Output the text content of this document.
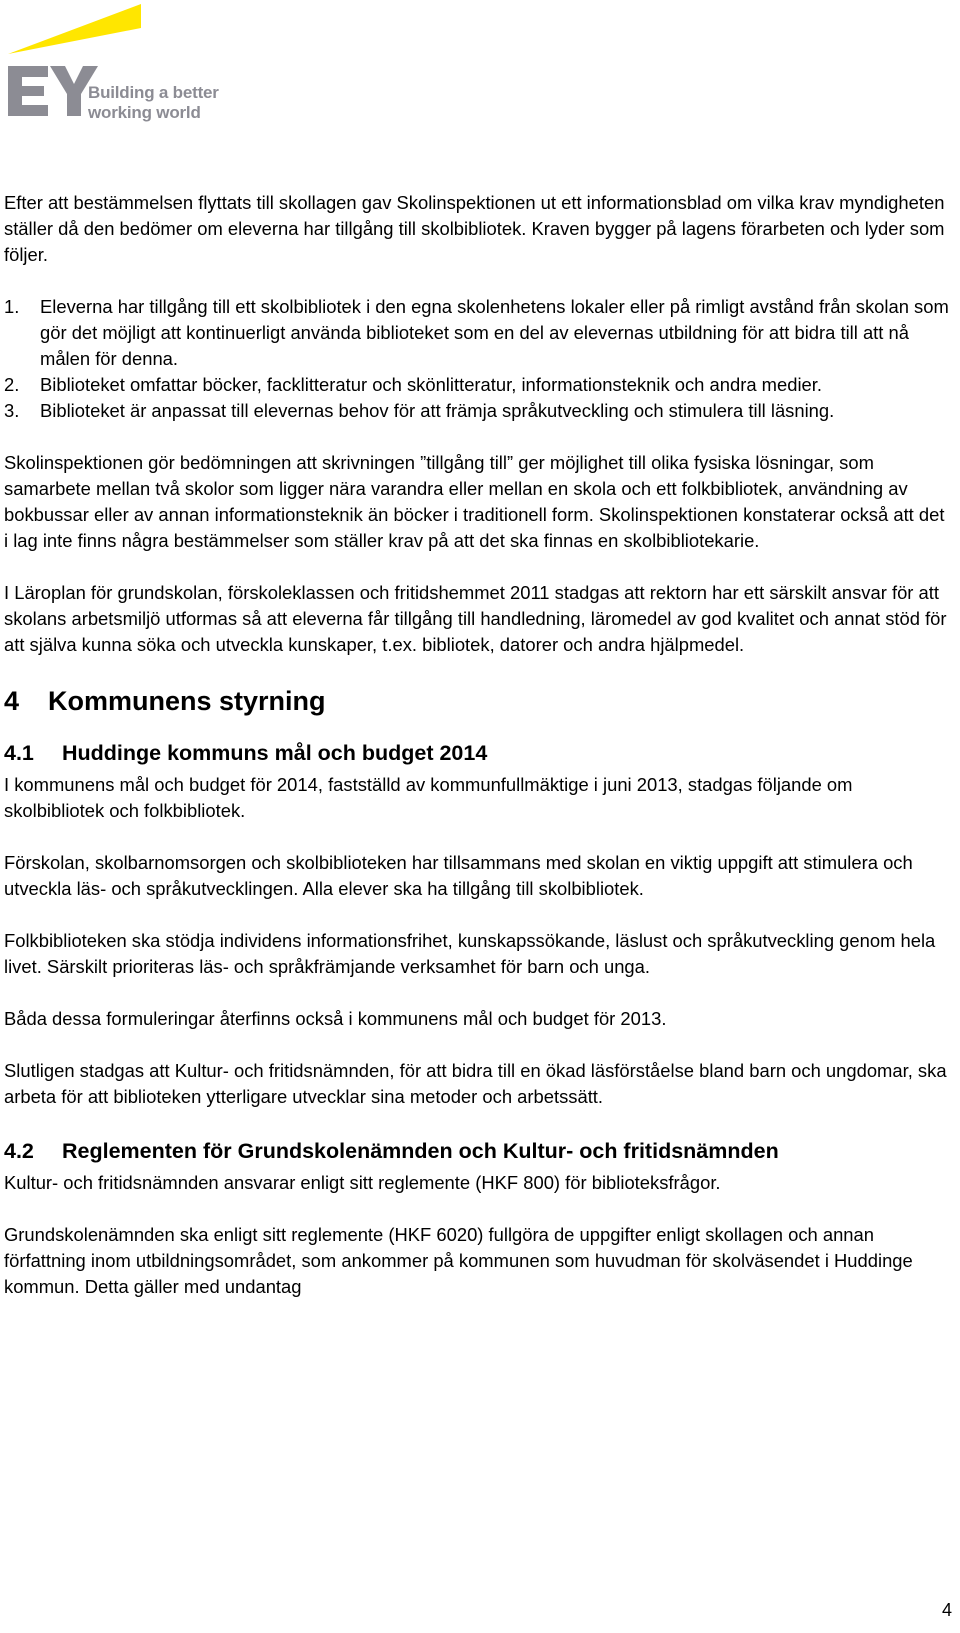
Building a better
working world

Efter att bestämmelsen flyttats till skollagen gav Skolinspektionen ut ett informationsblad om vilka krav myndigheten ställer då den bedömer om eleverna har tillgång till skolbibliotek. Kraven bygger på lagens förarbeten och lyder som följer.

1. Eleverna har tillgång till ett skolbibliotek i den egna skolenhetens lokaler eller på rimligt avstånd från skolan som gör det möjligt att kontinuerligt använda biblioteket som en del av elevernas utbildning för att bidra till att nå målen för denna.
2. Biblioteket omfattar böcker, facklitteratur och skönlitteratur, informationsteknik och andra medier.
3. Biblioteket är anpassat till elevernas behov för att främja språkutveckling och stimulera till läsning.

Skolinspektionen gör bedömningen att skrivningen ”tillgång till” ger möjlighet till olika fysiska lösningar, som samarbete mellan två skolor som ligger nära varandra eller mellan en skola och ett folkbibliotek, användning av bokbussar eller av annan informationsteknik än böcker i traditionell form. Skolinspektionen konstaterar också att det i lag inte finns några bestämmelser som ställer krav på att det ska finnas en skolbibliotekarie.

I Läroplan för grundskolan, förskoleklassen och fritidshemmet 2011 stadgas att rektorn har ett särskilt ansvar för att skolans arbetsmiljö utformas så att eleverna får tillgång till handledning, läromedel av god kvalitet och annat stöd för att själva kunna söka och utveckla kunskaper, t.ex. bibliotek, datorer och andra hjälpmedel.

4 Kommunens styrning
4.1 Huddinge kommuns mål och budget 2014

I kommunens mål och budget för 2014, fastställd av kommunfullmäktige i juni 2013, stadgas följande om skolbibliotek och folkbibliotek.

Förskolan, skolbarnomsorgen och skolbiblioteken har tillsammans med skolan en viktig uppgift att stimulera och utveckla läs- och språkutvecklingen. Alla elever ska ha tillgång till skolbibliotek.

Folkbiblioteken ska stödja individens informationsfrihet, kunskapssökande, läslust och språkutveckling genom hela livet. Särskilt prioriteras läs- och språkfrämjande verksamhet för barn och unga.

Båda dessa formuleringar återfinns också i kommunens mål och budget för 2013.

Slutligen stadgas att Kultur- och fritidsnämnden, för att bidra till en ökad läsförståelse bland barn och ungdomar, ska arbeta för att biblioteken ytterligare utvecklar sina metoder och arbetssätt.

4.2 Reglementen för Grundskolenämnden och Kultur- och fritidsnämnden

Kultur- och fritidsnämnden ansvarar enligt sitt reglemente (HKF 800) för biblioteksfrågor.

Grundskolenämnden ska enligt sitt reglemente (HKF 6020) fullgöra de uppgifter enligt skollagen och annan författning inom utbildningsområdet, som ankommer på kommunen som huvudman för skolväsendet i Huddinge kommun. Detta gäller med undantag

4
